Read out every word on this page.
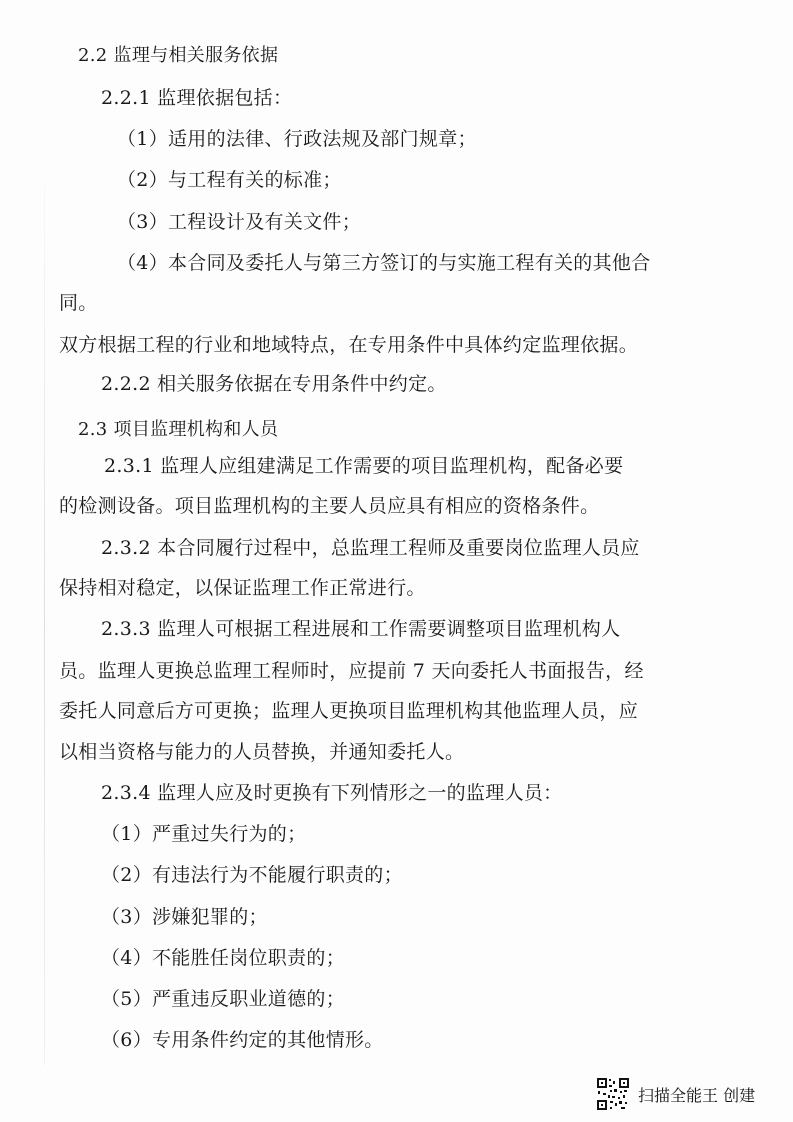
2.2 监理与相关服务依据
2.2.1 监理依据包括：
（1）适用的法律、行政法规及部门规章；
（2）与工程有关的标准；
（3）工程设计及有关文件；
（4）本合同及委托人与第三方签订的与实施工程有关的其他合
同。
双方根据工程的行业和地域特点，在专用条件中具体约定监理依据。
2.2.2 相关服务依据在专用条件中约定。
2.3 项目监理机构和人员
2.3.1 监理人应组建满足工作需要的项目监理机构，配备必要
的检测设备。项目监理机构的主要人员应具有相应的资格条件。
2.3.2 本合同履行过程中，总监理工程师及重要岗位监理人员应
保持相对稳定，以保证监理工作正常进行。
2.3.3 监理人可根据工程进展和工作需要调整项目监理机构人
员。监理人更换总监理工程师时，应提前 7 天向委托人书面报告，经
委托人同意后方可更换；监理人更换项目监理机构其他监理人员，应
以相当资格与能力的人员替换，并通知委托人。
2.3.4 监理人应及时更换有下列情形之一的监理人员：
（1）严重过失行为的；
（2）有违法行为不能履行职责的；
（3）涉嫌犯罪的；
（4）不能胜任岗位职责的；
（5）严重违反职业道德的；
（6）专用条件约定的其他情形。
扫描全能王 创建
